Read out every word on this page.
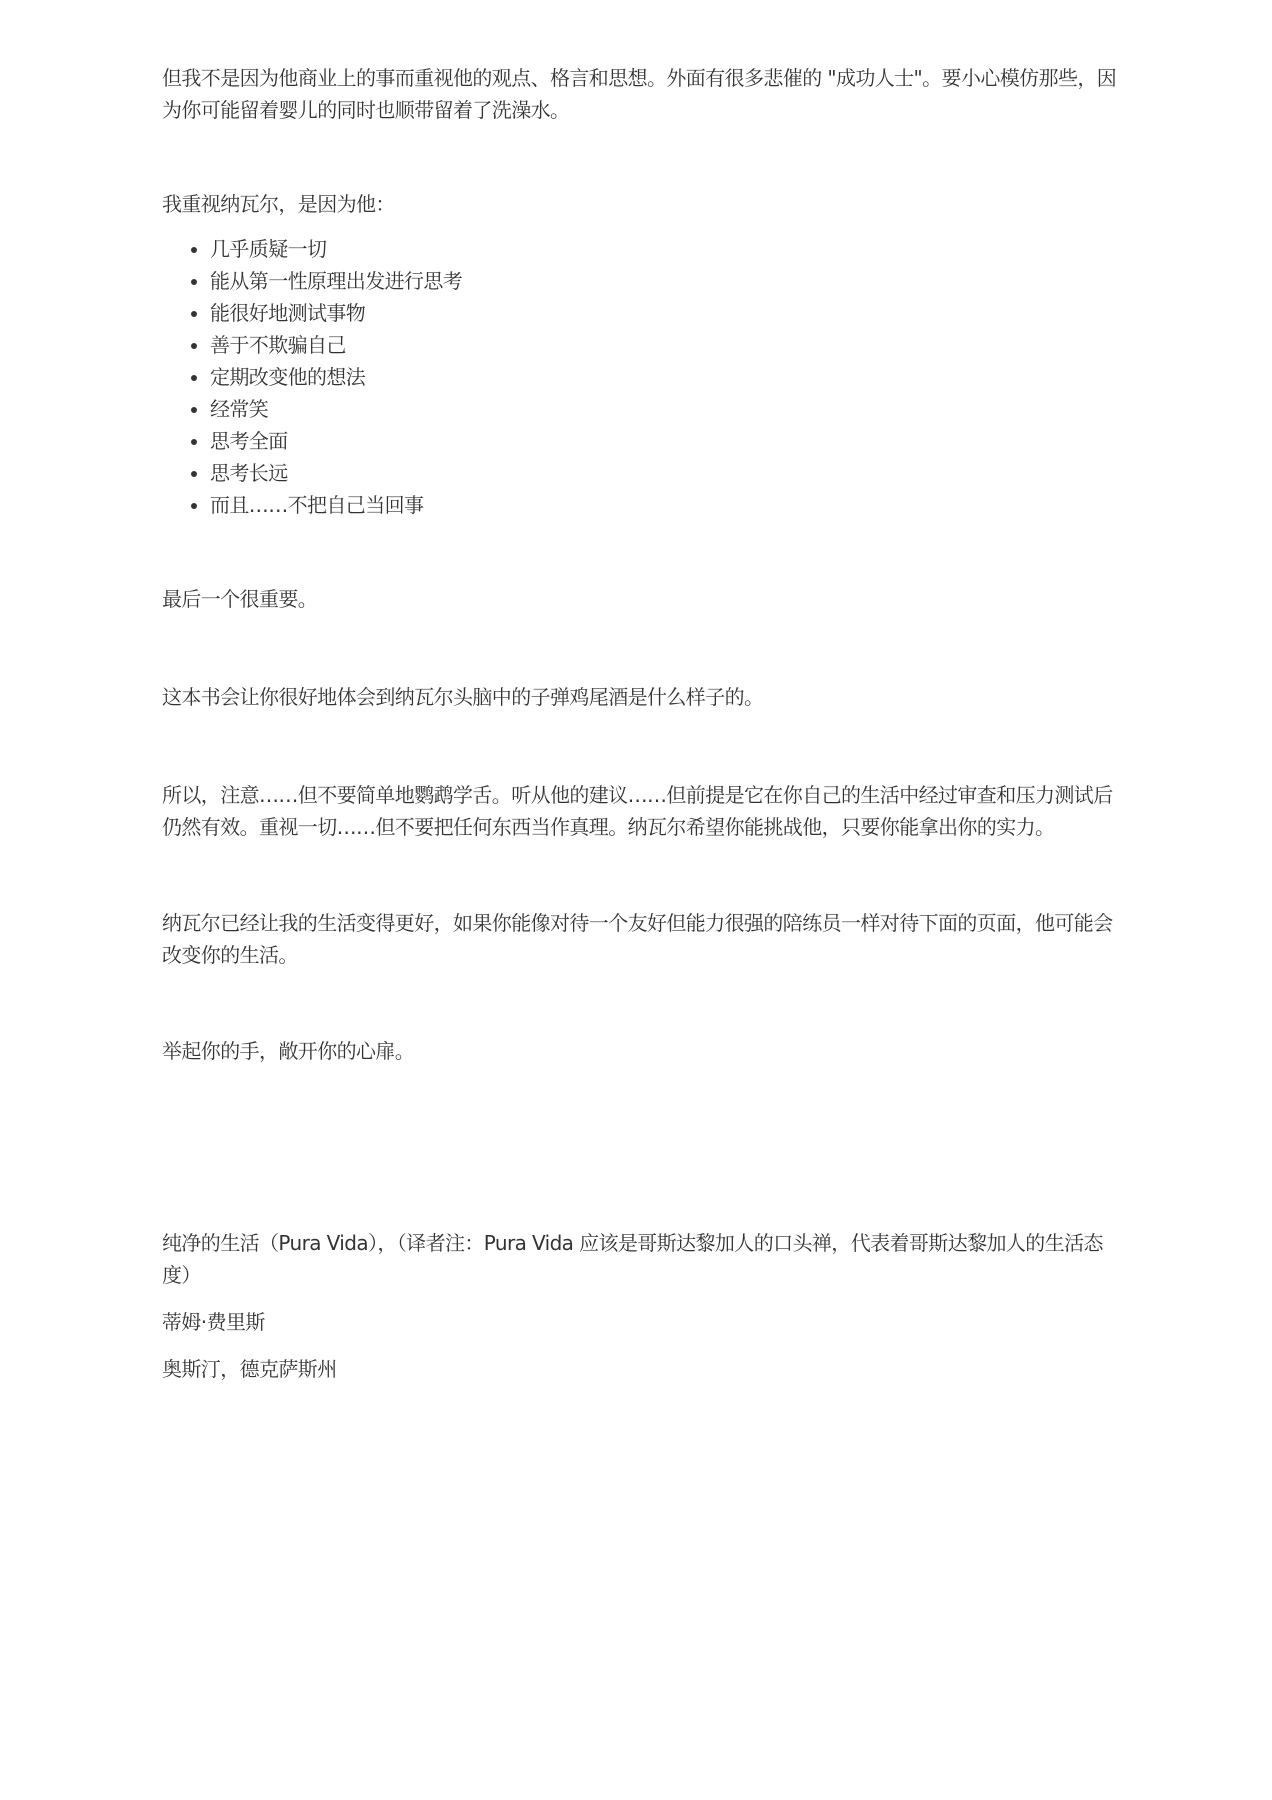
但我不是因为他商业上的事而重视他的观点、格言和思想。外面有很多悲催的 "成功人士"。要小心模仿那些，因为你可能留着婴儿的同时也顺带留着了洗澡水。

我重视纳瓦尔，是因为他：

• 几乎质疑一切
• 能从第一性原理出发进行思考
• 能很好地测试事物
• 善于不欺骗自己
• 定期改变他的想法
• 经常笑
• 思考全面
• 思考长远
• 而且……不把自己当回事

最后一个很重要。

这本书会让你很好地体会到纳瓦尔头脑中的子弹鸡尾酒是什么样子的。

所以，注意……但不要简单地鹦鹉学舌。听从他的建议……但前提是它在你自己的生活中经过审查和压力测试后仍然有效。重视一切……但不要把任何东西当作真理。纳瓦尔希望你能挑战他，只要你能拿出你的实力。

纳瓦尔已经让我的生活变得更好，如果你能像对待一个友好但能力很强的陪练员一样对待下面的页面，他可能会改变你的生活。

举起你的手，敞开你的心扉。

纯净的生活（Pura Vida），（译者注：Pura Vida 应该是哥斯达黎加人的口头禅，代表着哥斯达黎加人的生活态度）

蒂姆·费里斯

奥斯汀，德克萨斯州
